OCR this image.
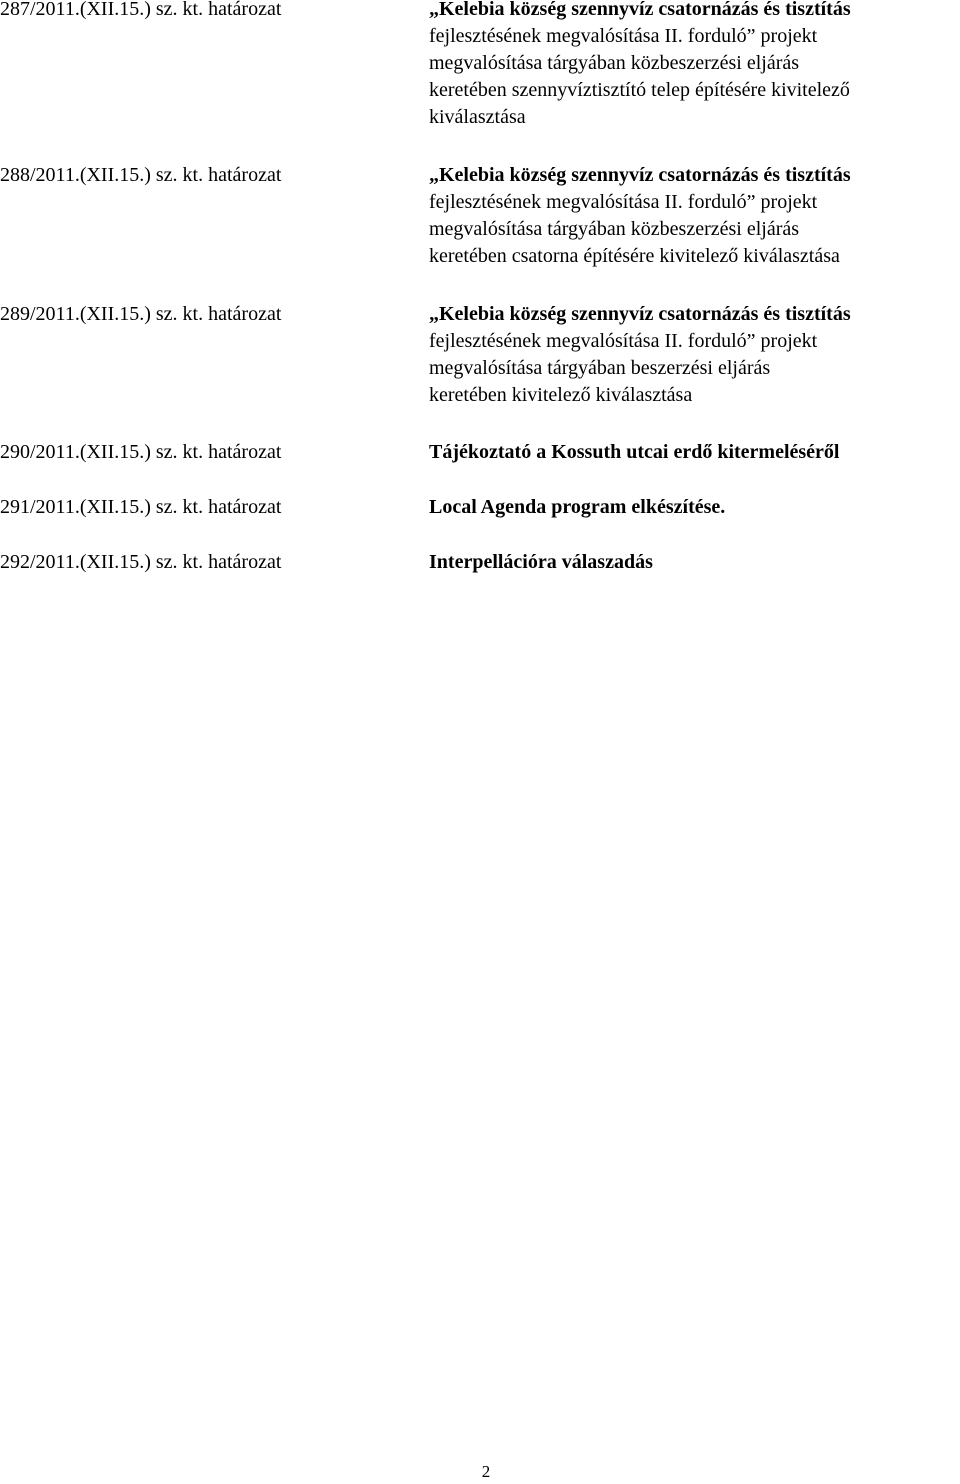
287/2011.(XII.15.) sz. kt. határozat	„Kelebia község szennyvíz csatornázás és tisztítás
fejlesztésének megvalósítása II. forduló” projekt
megvalósítása tárgyában közbeszerzési eljárás
keretében szennyvíztisztító telep építésére kivitelező
kiválasztása
288/2011.(XII.15.) sz. kt. határozat	„Kelebia község szennyvíz csatornázás és tisztítás
fejlesztésének megvalósítása II. forduló” projekt
megvalósítása tárgyában közbeszerzési eljárás
keretében csatorna építésére kivitelező kiválasztása
289/2011.(XII.15.) sz. kt. határozat	„Kelebia község szennyvíz csatornázás és tisztítás
fejlesztésének megvalósítása II. forduló” projekt
megvalósítása tárgyában beszerzési eljárás
keretében kivitelező kiválasztása
290/2011.(XII.15.) sz. kt. határozat	Tájékoztató a Kossuth utcai erdő kitermeléséről
291/2011.(XII.15.) sz. kt. határozat	Local Agenda program elkészítése.
292/2011.(XII.15.) sz. kt. határozat	Interpellációra válaszadás
2
